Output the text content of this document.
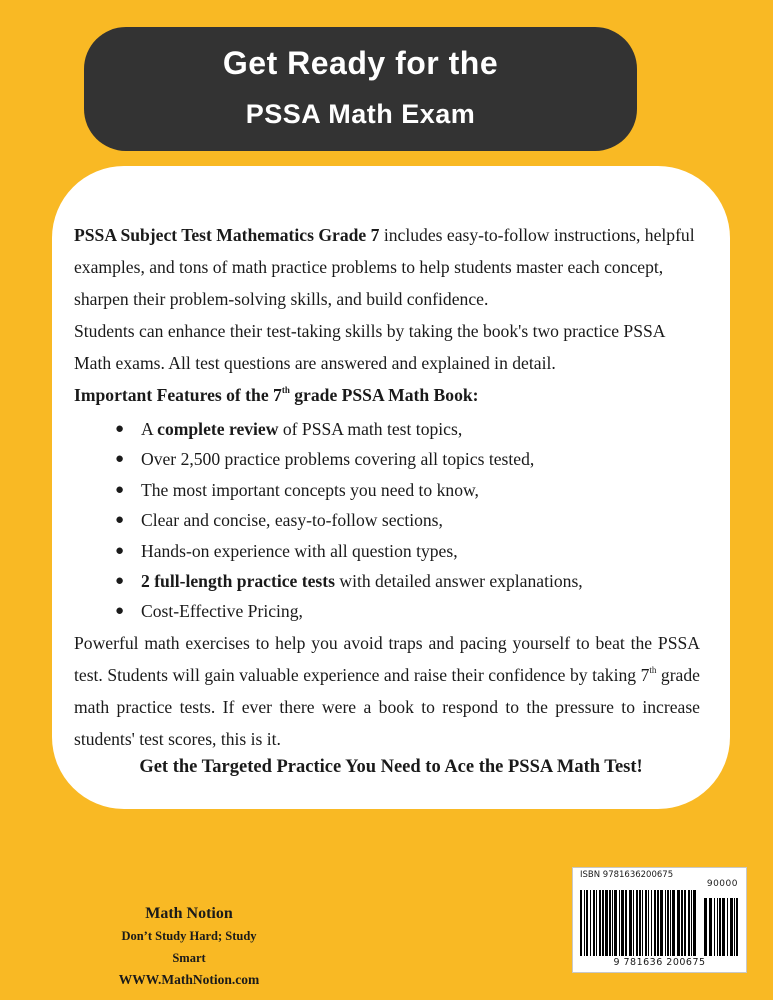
Get Ready for the
PSSA Math Exam

PSSA Subject Test Mathematics Grade 7 includes easy-to-follow instructions, helpful examples, and tons of math practice problems to help students master each concept, sharpen their problem-solving skills, and build confidence.

Students can enhance their test-taking skills by taking the book's two practice PSSA Math exams. All test questions are answered and explained in detail.

Important Features of the 7th grade PSSA Math Book:

● A complete review of PSSA math test topics,
● Over 2,500 practice problems covering all topics tested,
● The most important concepts you need to know,
● Clear and concise, easy-to-follow sections,
● Hands-on experience with all question types,
● 2 full-length practice tests with detailed answer explanations,
● Cost-Effective Pricing,

Powerful math exercises to help you avoid traps and pacing yourself to beat the PSSA test. Students will gain valuable experience and raise their confidence by taking 7th grade math practice tests. If ever there were a book to respond to the pressure to increase students' test scores, this is it.

Get the Targeted Practice You Need to Ace the PSSA Math Test!
Math Notion
Don’t Study Hard; Study Smart
WWW.MathNotion.com
ISBN 9781636200675
90000
9 781636 200675
